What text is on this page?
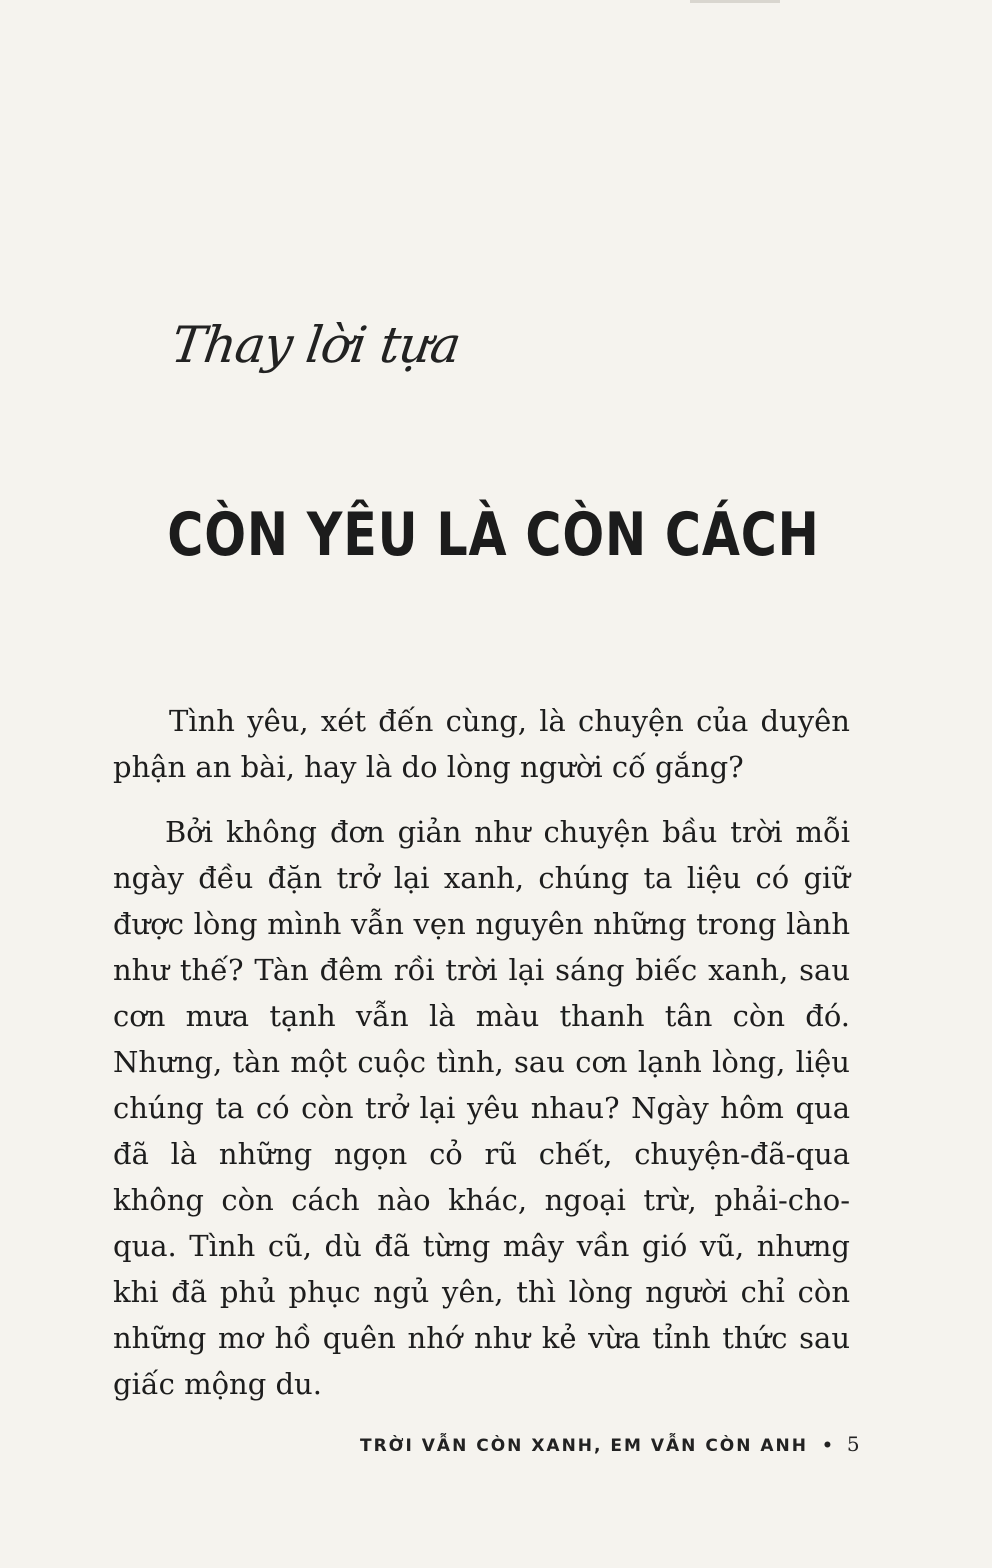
Thay lời tựa
CÒN YÊU LÀ CÒN CÁCH

Tình yêu, xét đến cùng, là chuyện của duyên phận an bài, hay là do lòng người cố gắng?

Bởi không đơn giản như chuyện bầu trời mỗi ngày đều đặn trở lại xanh, chúng ta liệu có giữ được lòng mình vẫn vẹn nguyên những trong lành như thế? Tàn đêm rồi trời lại sáng biếc xanh, sau cơn mưa tạnh vẫn là màu thanh tân còn đó. Nhưng, tàn một cuộc tình, sau cơn lạnh lòng, liệu chúng ta có còn trở lại yêu nhau? Ngày hôm qua đã là những ngọn cỏ rũ chết, chuyện-đã-qua không còn cách nào khác, ngoại trừ, phải-cho-qua. Tình cũ, dù đã từng mây vần gió vũ, nhưng khi đã phủ phục ngủ yên, thì lòng người chỉ còn những mơ hồ quên nhớ như kẻ vừa tỉnh thức sau giấc mộng du.

TRỜI VẪN CÒN XANH, EM VẪN CÒN ANH • 5
